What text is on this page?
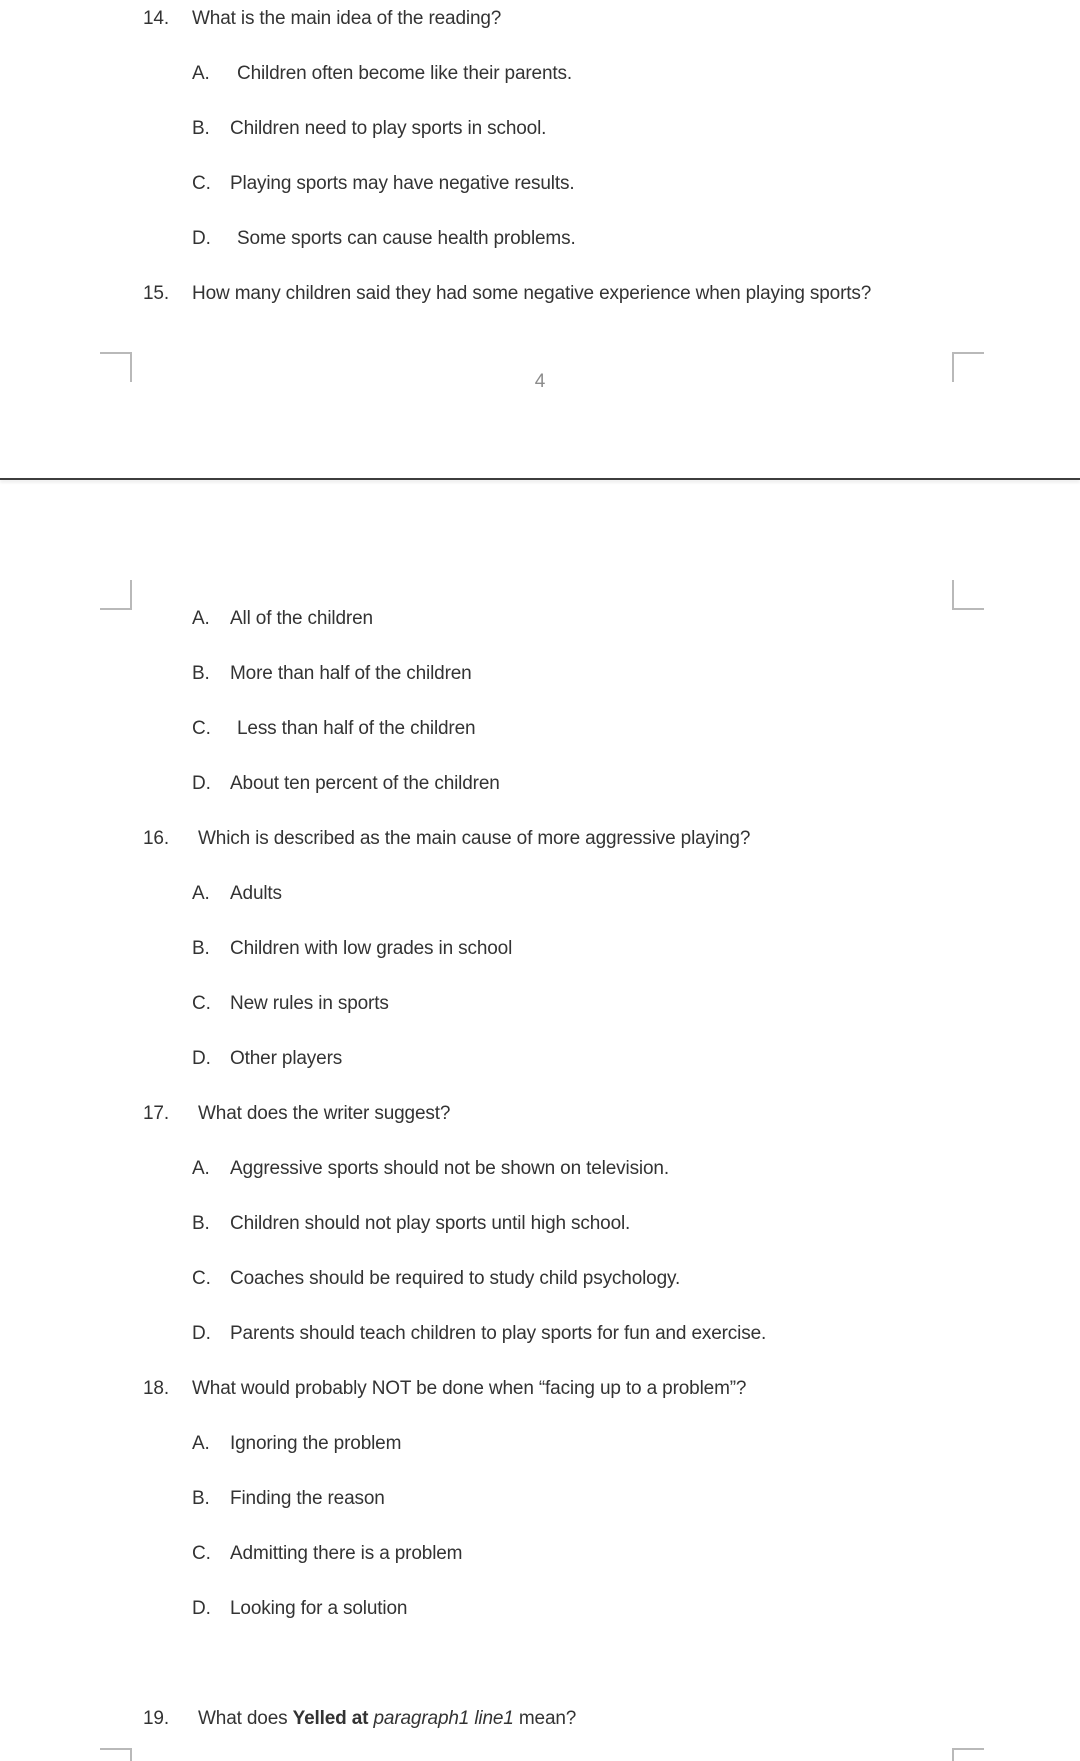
14. What is the main idea of the reading?
A. Children often become like their parents.
B. Children need to play sports in school.
C. Playing sports may have negative results.
D. Some sports can cause health problems.
15. How many children said they had some negative experience when playing sports?
A. All of the children
B. More than half of the children
C. Less than half of the children
D. About ten percent of the children
16. Which is described as the main cause of more aggressive playing?
A. Adults
B. Children with low grades in school
C. New rules in sports
D. Other players
17. What does the writer suggest?
A. Aggressive sports should not be shown on television.
B. Children should not play sports until high school.
C. Coaches should be required to study child psychology.
D. Parents should teach children to play sports for fun and exercise.
18. What would probably NOT be done when “facing up to a problem”?
A. Ignoring the problem
B. Finding the reason
C. Admitting there is a problem
D. Looking for a solution
19. What does Yelled at paragraph1 line1 mean?
4
